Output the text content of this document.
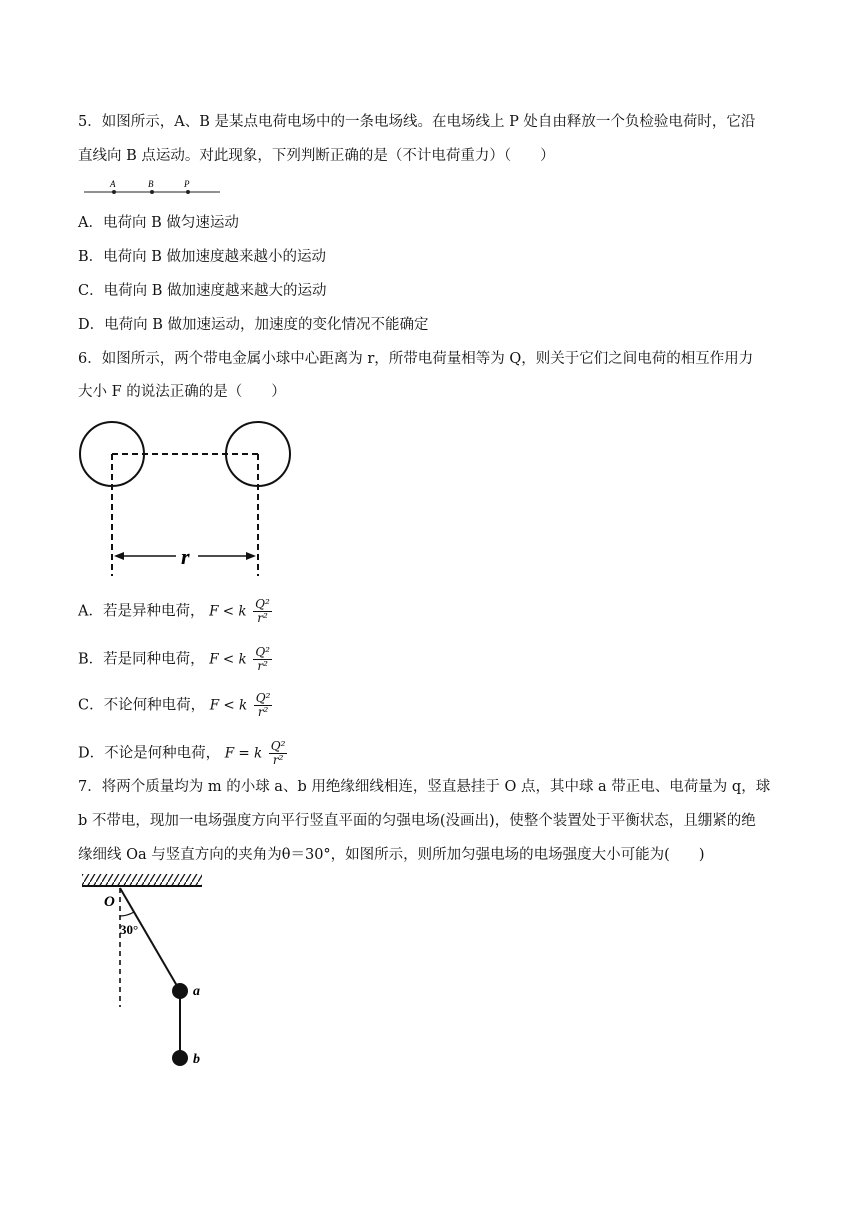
5．如图所示，A、B 是某点电荷电场中的一条电场线。在电场线上 P 处自由释放一个负检验电荷时，它沿
直线向 B 点运动。对此现象，下列判断正确的是（不计电荷重力）（　　）
A	B	P
A．电荷向 B 做匀速运动
B．电荷向 B 做加速度越来越小的运动
C．电荷向 B 做加速度越来越大的运动
D．电荷向 B 做加速运动，加速度的变化情况不能确定
6．如图所示，两个带电金属小球中心距离为 r，所带电荷量相等为 Q，则关于它们之间电荷的相互作用力
大小 F 的说法正确的是（　　）
r
A．若是异种电荷， F < k $\frac{\text{Q²}}{\text{r²}}$
B．若是同种电荷， F < k $\frac{\text{Q²}}{\text{r²}}$
C．不论何种电荷， F < k $\frac{\text{Q²}}{\text{r²}}$
D．不论是何种电荷， F = k $\frac{\text{Q²}}{\text{r²}}$
7．将两个质量均为 m 的小球 a、b 用绝缘细线相连，竖直悬挂于 O 点，其中球 a 带正电、电荷量为 q，球
b 不带电，现加一电场强度方向平行竖直平面的匀强电场(没画出)，使整个装置处于平衡状态，且绷紧的绝
缘细线 Oa 与竖直方向的夹角为θ＝30°，如图所示，则所加匀强电场的电场强度大小可能为(　　)
O
30°
a
b
